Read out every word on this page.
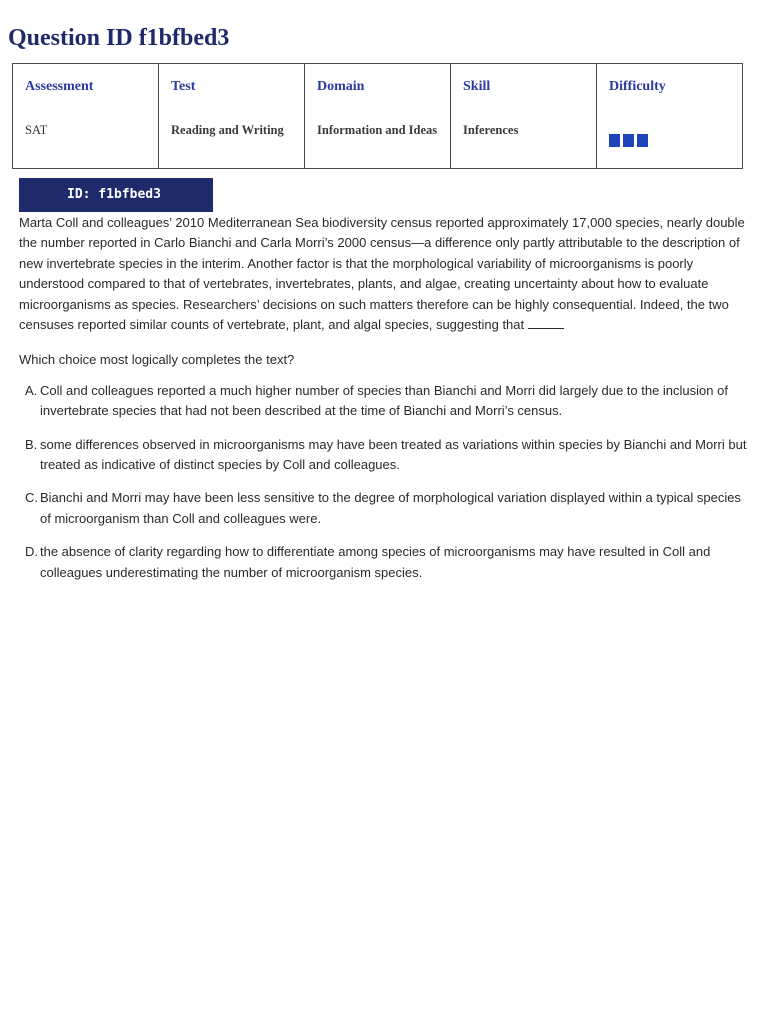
Question ID f1bfbed3
Assessment
SAT

Test
Reading and Writing

Domain
Information and Ideas

Skill
Inferences

Difficulty
ID: f1bfbed3

Marta Coll and colleagues’ 2010 Mediterranean Sea biodiversity census reported approximately 17,000 species, nearly double the number reported in Carlo Bianchi and Carla Morri’s 2000 census—a difference only partly attributable to the description of new invertebrate species in the interim. Another factor is that the morphological variability of microorganisms is poorly understood compared to that of vertebrates, invertebrates, plants, and algae, creating uncertainty about how to evaluate microorganisms as species. Researchers’ decisions on such matters therefore can be highly consequential. Indeed, the two censuses reported similar counts of vertebrate, plant, and algal species, suggesting that

Which choice most logically completes the text?

A. Coll and colleagues reported a much higher number of species than Bianchi and Morri did largely due to the inclusion of invertebrate species that had not been described at the time of Bianchi and Morri’s census.
B. some differences observed in microorganisms may have been treated as variations within species by Bianchi and Morri but treated as indicative of distinct species by Coll and colleagues.
C. Bianchi and Morri may have been less sensitive to the degree of morphological variation displayed within a typical species of microorganism than Coll and colleagues were.
D. the absence of clarity regarding how to differentiate among species of microorganisms may have resulted in Coll and colleagues underestimating the number of microorganism species.
